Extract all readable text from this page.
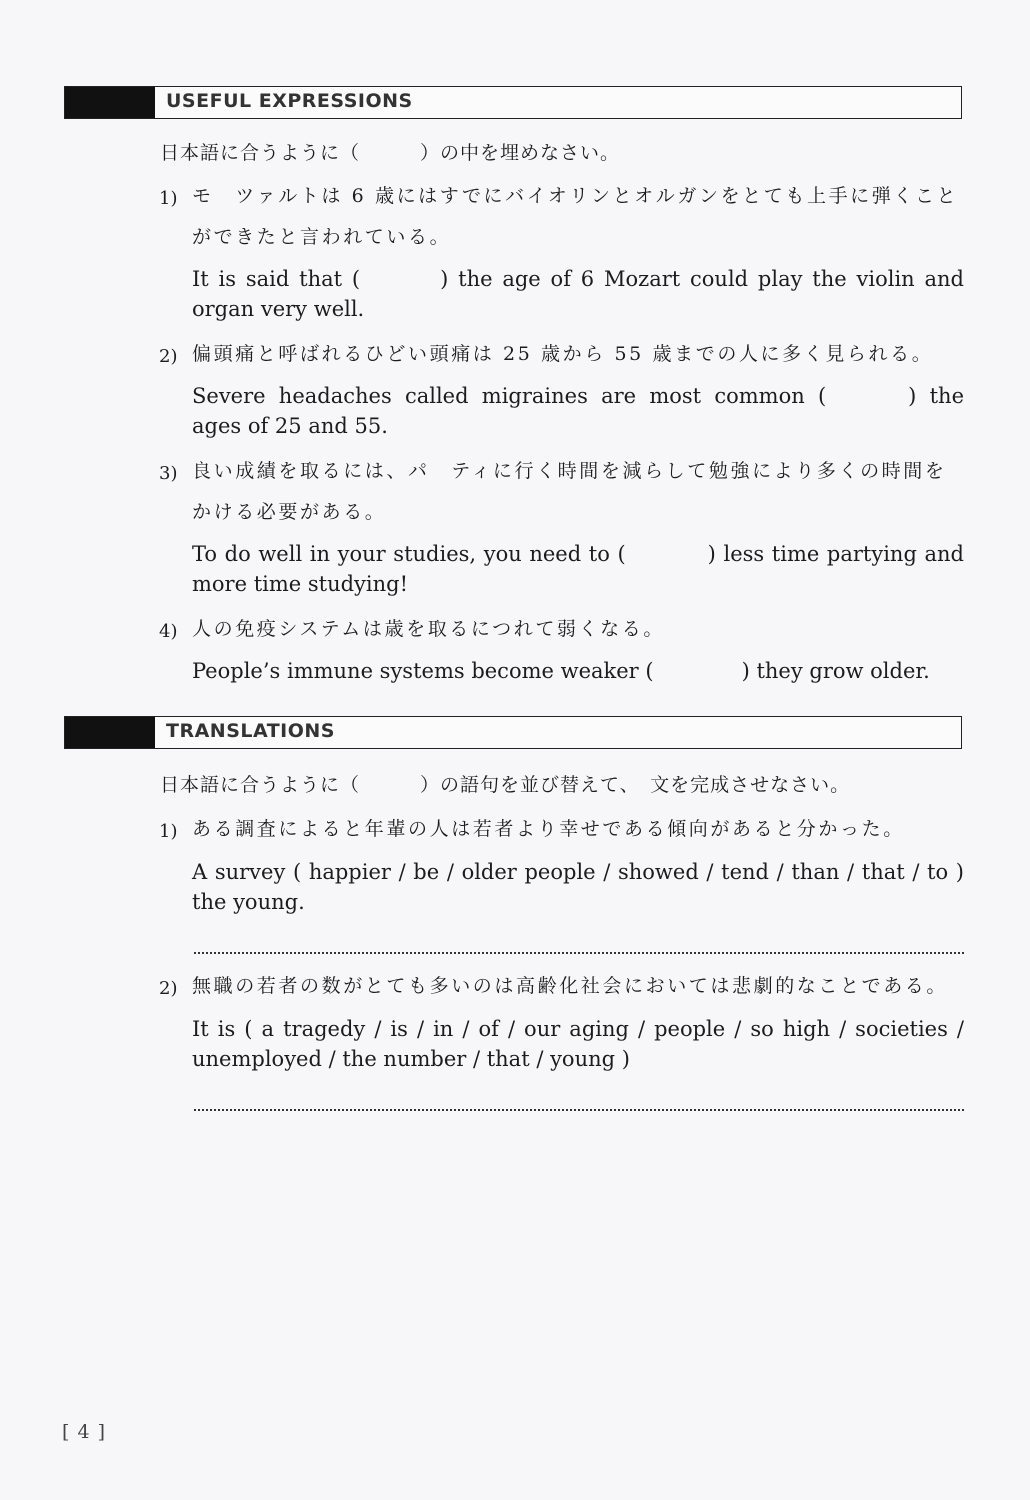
USEFUL EXPRESSIONS
日本語に合うように（　　　）の中を埋めなさい。
1) モ　ツァルトは 6 歳にはすでにバイオリンとオルガンをとても上手に弾くことができたと言われている。
It is said that (	) the age of 6 Mozart could play the violin and organ very well.
2) 偏頭痛と呼ばれるひどい頭痛は 25 歳から 55 歳までの人に多く見られる。
Severe headaches called migraines are most common (	) the ages of 25 and 55.
3) 良い成績を取るには、パ　ティに行く時間を減らして勉強により多くの時間をかける必要がある。
To do well in your studies, you need to (	) less time partying and more time studying!
4) 人の免疫システムは歳を取るにつれて弱くなる。
People’s immune systems become weaker (	) they grow older.
TRANSLATIONS
日本語に合うように（　　　）の語句を並び替えて、　文を完成させなさい。
1) ある調査によると年輩の人は若者より幸せである傾向があると分かった。
A survey ( happier / be / older people / showed / tend / than / that / to ) the young.
2) 無職の若者の数がとても多いのは高齢化社会においては悲劇的なことである。
It is ( a tragedy / is / in / of / our aging / people / so high / societies / unemployed / the number / that / young )
[ 4 ]
